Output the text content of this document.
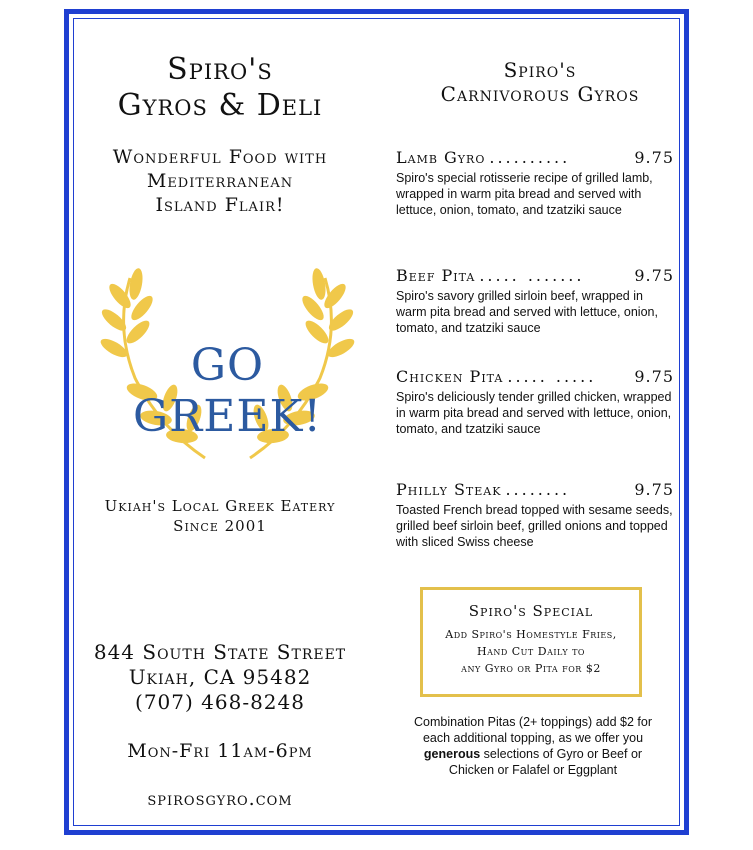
Spiro's
Gyros & Deli
Wonderful Food with
Mediterranean
Island Flair!
Ukiah's Local Greek Eatery
Since 2001
844 South State Street
Ukiah, CA 95482
(707) 468-8248
Mon-Fri 11am-6pm
spirosgyro.com
GO GREEK!
Spiro's
Carnivorous Gyros
Lamb Gyro ..........	9.75
Spiro's special rotisserie recipe of grilled lamb, wrapped in warm pita bread and served with lettuce, onion, tomato, and tzatziki sauce
Beef Pita ..... .......	9.75
Spiro's savory grilled sirloin beef, wrapped in warm pita bread and served with lettuce, onion, tomato, and tzatziki sauce
Chicken Pita ..... .....	9.75
Spiro's deliciously tender grilled chicken, wrapped in warm pita bread and served with lettuce, onion, tomato, and tzatziki sauce
Philly Steak ........	9.75
Toasted French bread topped with sesame seeds, grilled beef sirloin beef, grilled onions and topped with sliced Swiss cheese
Spiro's Special
Add Spiro's Homestyle Fries,
Hand Cut Daily to
any Gyro or Pita for $2
Combination Pitas (2+ toppings) add $2 for each additional topping, as we offer you generous selections of Gyro or Beef or Chicken or Falafel or Eggplant
